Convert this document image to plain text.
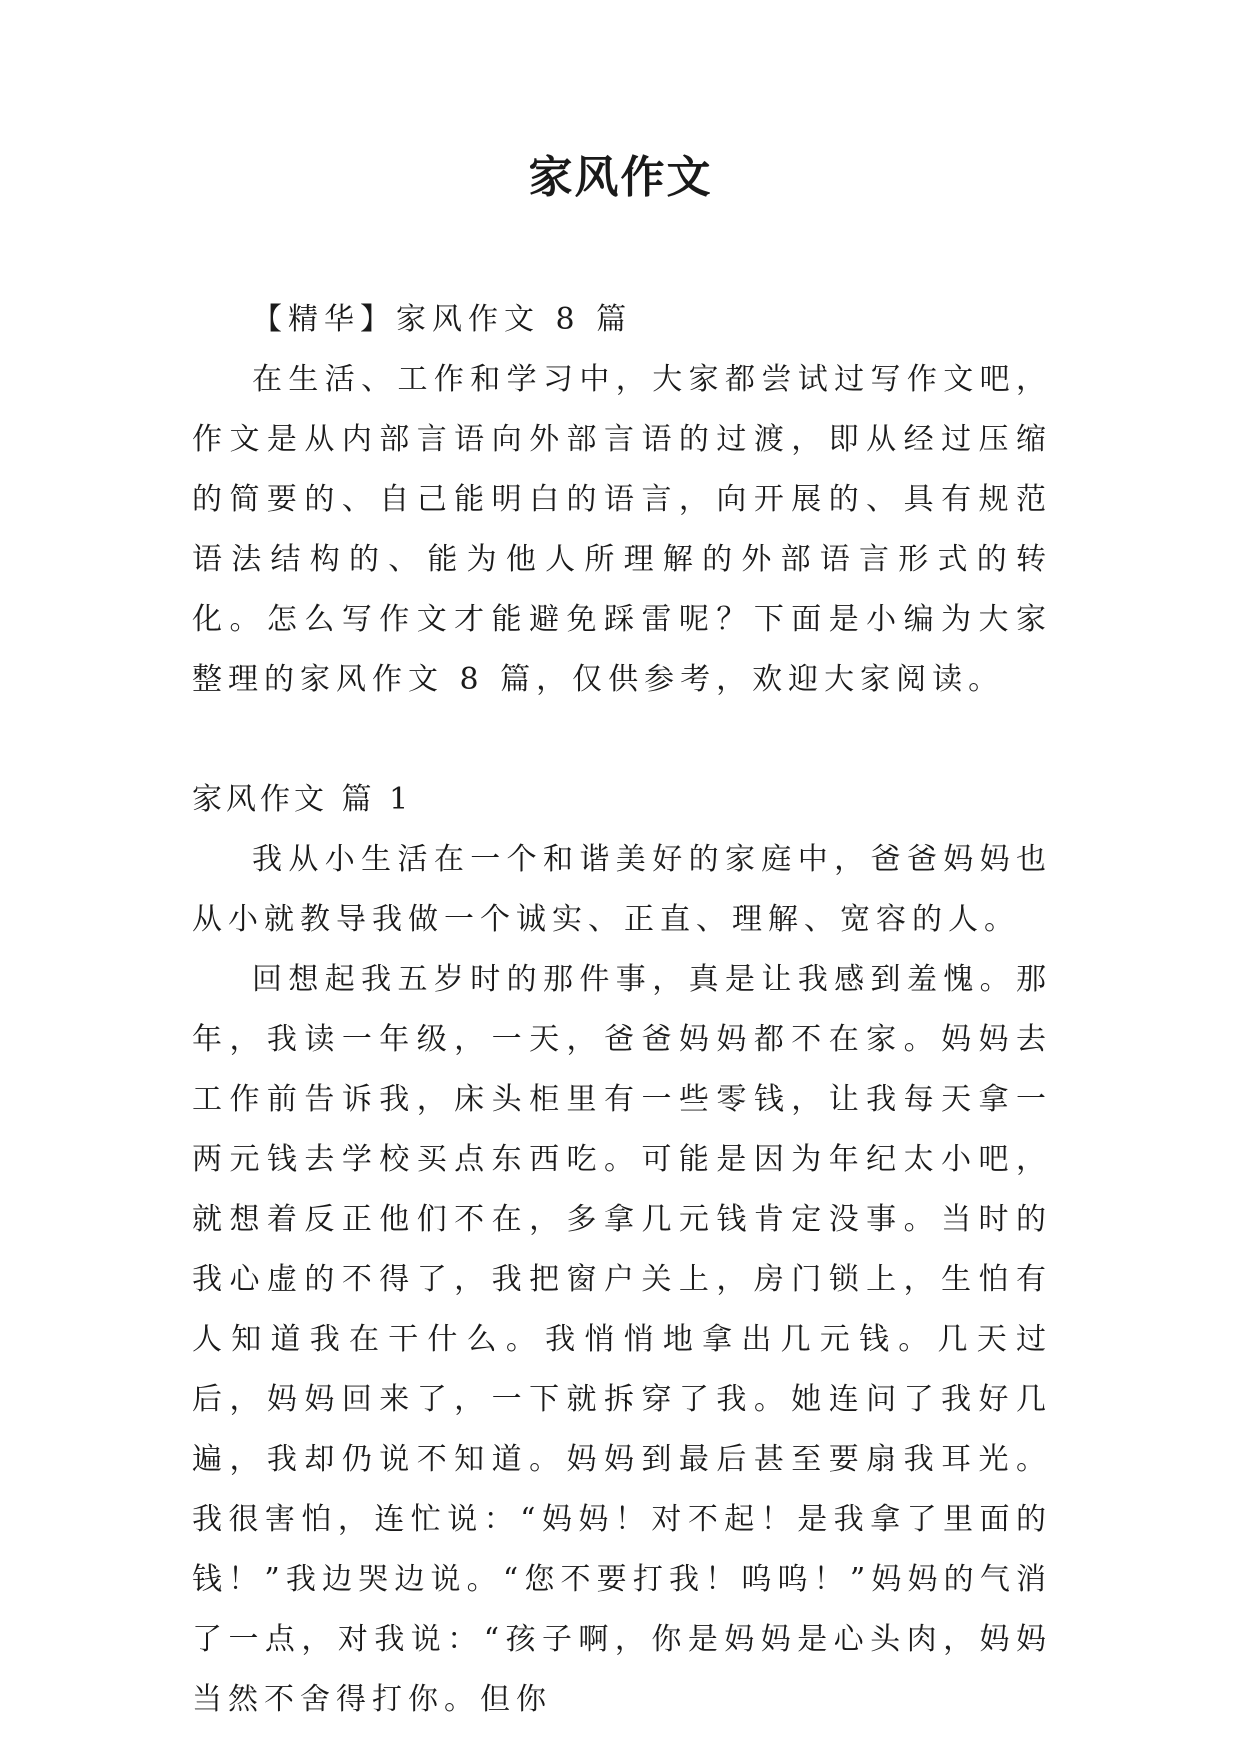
家风作文

【精华】家风作文 8 篇

在生活、工作和学习中，大家都尝试过写作文吧，作文是从内部言语向外部言语的过渡，即从经过压缩的简要的、自己能明白的语言，向开展的、具有规范语法结构的、能为他人所理解的外部语言形式的转化。怎么写作文才能避免踩雷呢？下面是小编为大家整理的家风作文 8 篇，仅供参考，欢迎大家阅读。

家风作文 篇 1

我从小生活在一个和谐美好的家庭中，爸爸妈妈也从小就教导我做一个诚实、正直、理解、宽容的人。

回想起我五岁时的那件事，真是让我感到羞愧。那年，我读一年级，一天，爸爸妈妈都不在家。妈妈去工作前告诉我，床头柜里有一些零钱，让我每天拿一两元钱去学校买点东西吃。可能是因为年纪太小吧，就想着反正他们不在，多拿几元钱肯定没事。当时的我心虚的不得了，我把窗户关上，房门锁上，生怕有人知道我在干什么。我悄悄地拿出几元钱。几天过后，妈妈回来了，一下就拆穿了我。她连问了我好几遍，我却仍说不知道。妈妈到最后甚至要扇我耳光。我很害怕，连忙说：“妈妈！对不起！是我拿了里面的钱！”我边哭边说。“您不要打我！呜呜！”妈妈的气消了一点，对我说：“孩子啊，你是妈妈是心头肉，妈妈当然不舍得打你。但你
